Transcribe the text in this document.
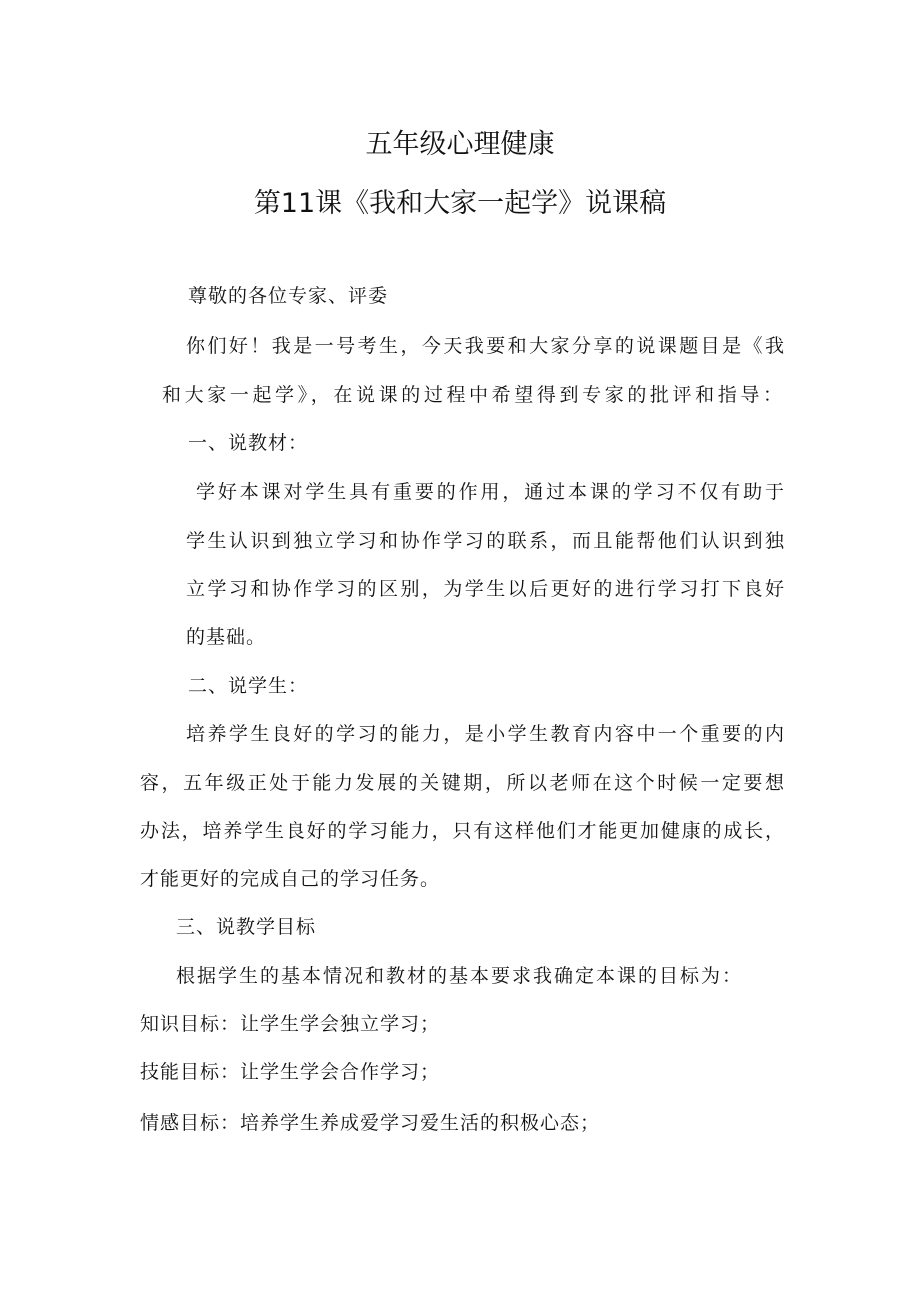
五年级心理健康
第11课《我和大家一起学》说课稿
尊敬的各位专家、评委
你们好！我是一号考生，今天我要和大家分享的说课题目是《我
和大家一起学》，在说课的过程中希望得到专家的批评和指导：
一、说教材：
学好本课对学生具有重要的作用，通过本课的学习不仅有助于
学生认识到独立学习和协作学习的联系，而且能帮他们认识到独
立学习和协作学习的区别，为学生以后更好的进行学习打下良好
的基础。
二、说学生：
培养学生良好的学习的能力，是小学生教育内容中一个重要的内
容，五年级正处于能力发展的关键期，所以老师在这个时候一定要想
办法，培养学生良好的学习能力，只有这样他们才能更加健康的成长，
才能更好的完成自己的学习任务。
三、说教学目标
根据学生的基本情况和教材的基本要求我确定本课的目标为：
知识目标：让学生学会独立学习；
技能目标：让学生学会合作学习；
情感目标：培养学生养成爱学习爱生活的积极心态；
